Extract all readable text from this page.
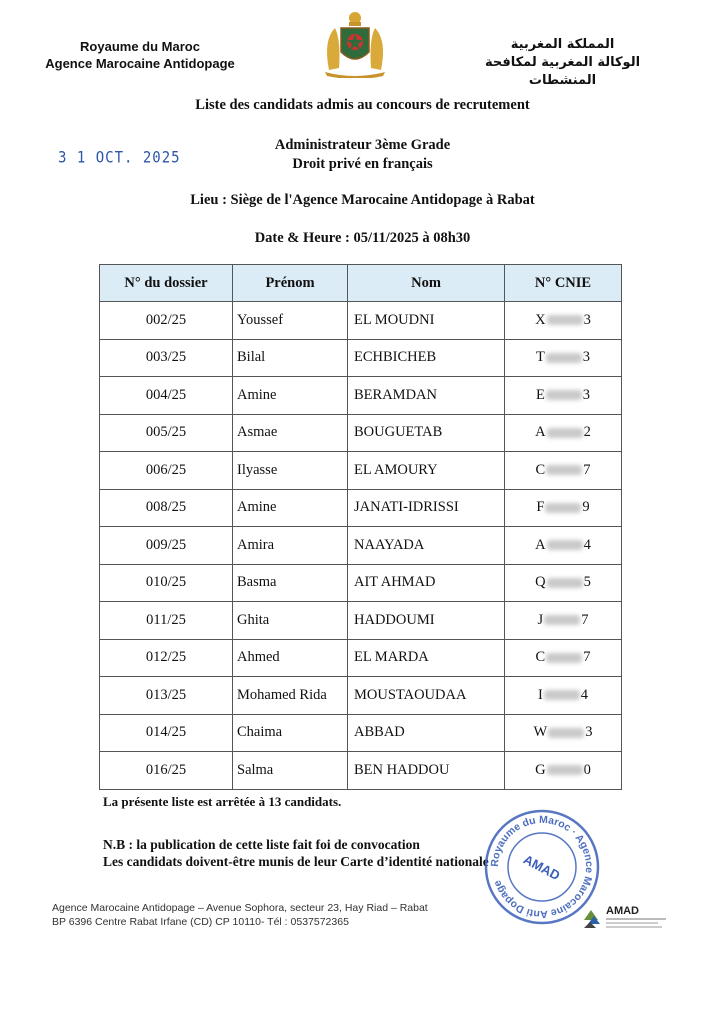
Royaume du Maroc
Agence Marocaine Antidopage
المملكة المغربية
الوكالة المغربية لمكافحة المنشطات
Liste des candidats admis au concours de recrutement
Administrateur 3ème Grade
Droit privé en français
Lieu : Siège de l'Agence Marocaine Antidopage à Rabat
Date & Heure : 05/11/2025 à 08h30
3 1 OCT. 2025
N° du dossier	Prénom	Nom	N° CNIE
002/25	Youssef	EL MOUDNI	X 3
003/25	Bilal	ECHBICHEB	T 3
004/25	Amine	BERAMDAN	E 3
005/25	Asmae	BOUGUETAB	A 2
006/25	Ilyasse	EL AMOURY	C 7
008/25	Amine	JANATI-IDRISSI	F 9
009/25	Amira	NAAYADA	A 4
010/25	Basma	AIT AHMAD	Q 5
011/25	Ghita	HADDOUMI	J 7
012/25	Ahmed	EL MARDA	C 7
013/25	Mohamed Rida	MOUSTAOUDAA	I 4
014/25	Chaima	ABBAD	W 3
016/25	Salma	BEN HADDOU	G 0
La présente liste est arrêtée à 13 candidats.
N.B : la publication de cette liste fait foi de convocation
Les candidats doivent-être munis de leur Carte d’identité nationale Royaume du Maroc · Agence Marocaine Anti Dopage
AMAD
Agence Marocaine Antidopage – Avenue Sophora, secteur 23, Hay Riad – Rabat
BP 6396 Centre Rabat Irfane (CD) CP 10110- Tél : 0537572365
AMAD
